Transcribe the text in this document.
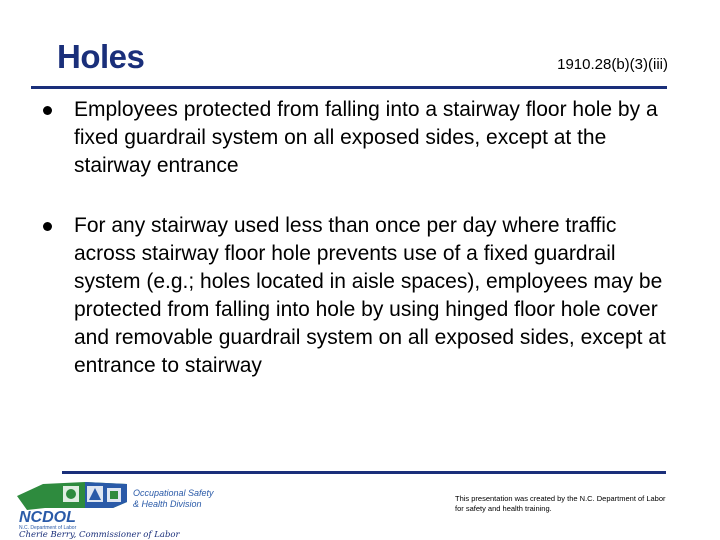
Holes	1910.28(b)(3)(iii)
Employees protected from falling into a stairway floor hole by a fixed guardrail system on all exposed sides, except at the stairway entrance
For any stairway used less than once per day where traffic across stairway floor hole prevents use of a fixed guardrail system (e.g.; holes located in aisle spaces), employees may be protected from falling into hole by using hinged floor hole cover and removable guardrail system on all exposed sides, except at entrance to stairway
NCDOL
N.C. Department of Labor
Occupational Safety
& Health Division
Cherie Berry, Commissioner of Labor
This presentation was created by the N.C. Department of Labor for safety and health training.
